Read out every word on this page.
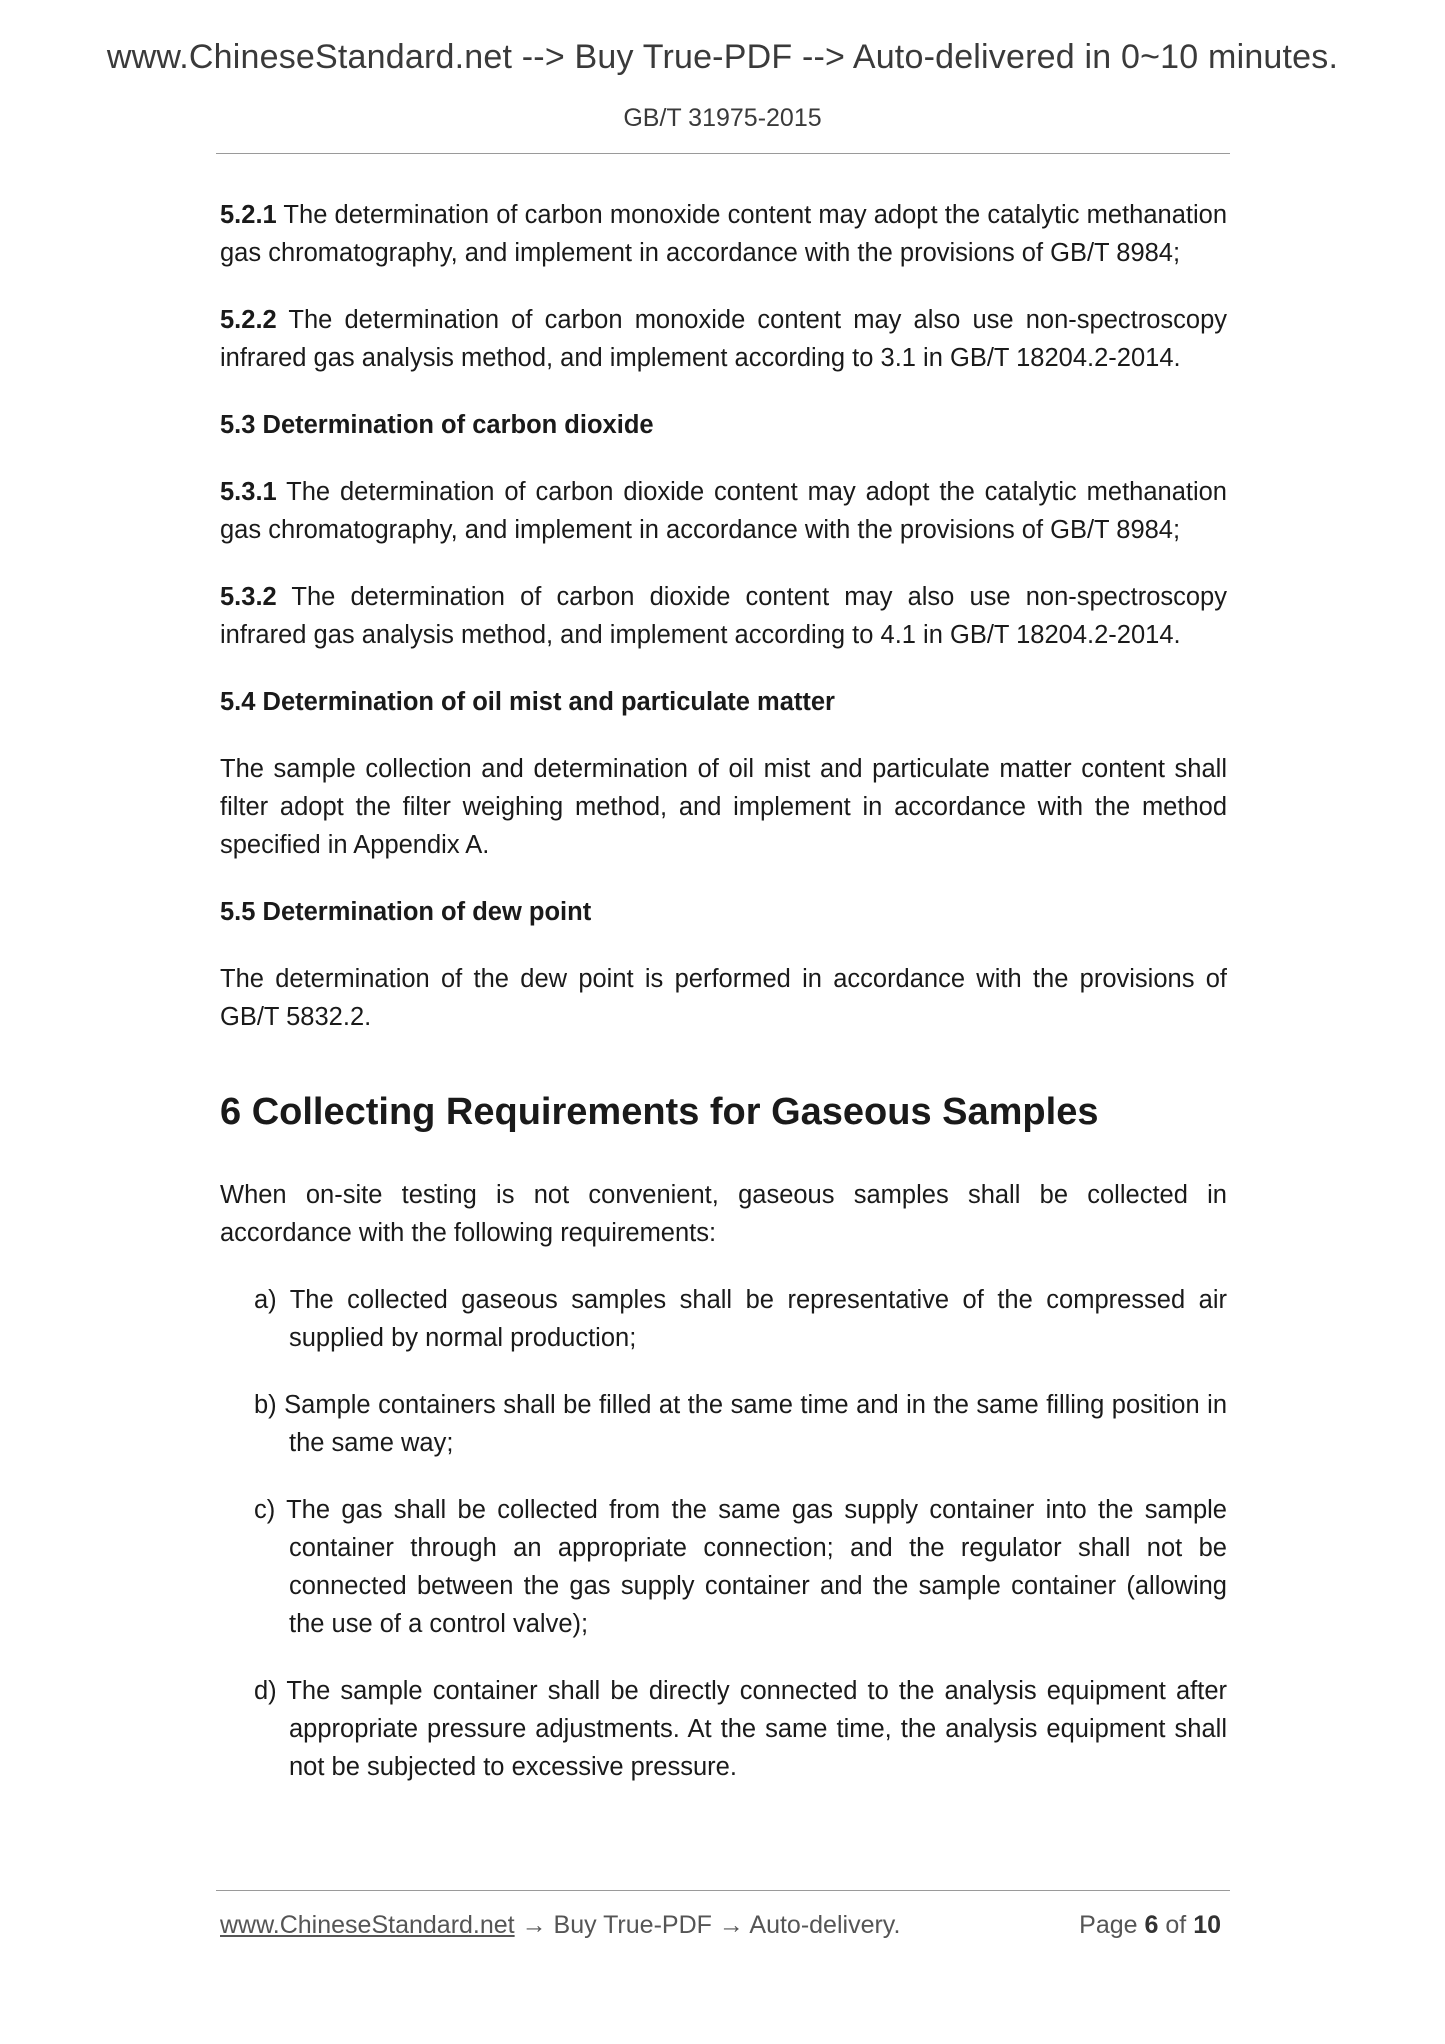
www.ChineseStandard.net --> Buy True-PDF --> Auto-delivered in 0~10 minutes.
GB/T 31975-2015

5.2.1 The determination of carbon monoxide content may adopt the catalytic methanation gas chromatography, and implement in accordance with the provisions of GB/T 8984;

5.2.2 The determination of carbon monoxide content may also use non-spectroscopy infrared gas analysis method, and implement according to 3.1 in GB/T 18204.2-2014.

5.3 Determination of carbon dioxide

5.3.1 The determination of carbon dioxide content may adopt the catalytic methanation gas chromatography, and implement in accordance with the provisions of GB/T 8984;

5.3.2 The determination of carbon dioxide content may also use non-spectroscopy infrared gas analysis method, and implement according to 4.1 in GB/T 18204.2-2014.

5.4 Determination of oil mist and particulate matter

The sample collection and determination of oil mist and particulate matter content shall filter adopt the filter weighing method, and implement in accordance with the method specified in Appendix A.

5.5 Determination of dew point

The determination of the dew point is performed in accordance with the provisions of GB/T 5832.2.

6 Collecting Requirements for Gaseous Samples

When on-site testing is not convenient, gaseous samples shall be collected in accordance with the following requirements:

a) The collected gaseous samples shall be representative of the compressed air supplied by normal production;

b) Sample containers shall be filled at the same time and in the same filling position in the same way;

c) The gas shall be collected from the same gas supply container into the sample container through an appropriate connection; and the regulator shall not be connected between the gas supply container and the sample container (allowing the use of a control valve);

d) The sample container shall be directly connected to the analysis equipment after appropriate pressure adjustments. At the same time, the analysis equipment shall not be subjected to excessive pressure.

www.ChineseStandard.net → Buy True-PDF → Auto-delivery.	Page 6 of 10
